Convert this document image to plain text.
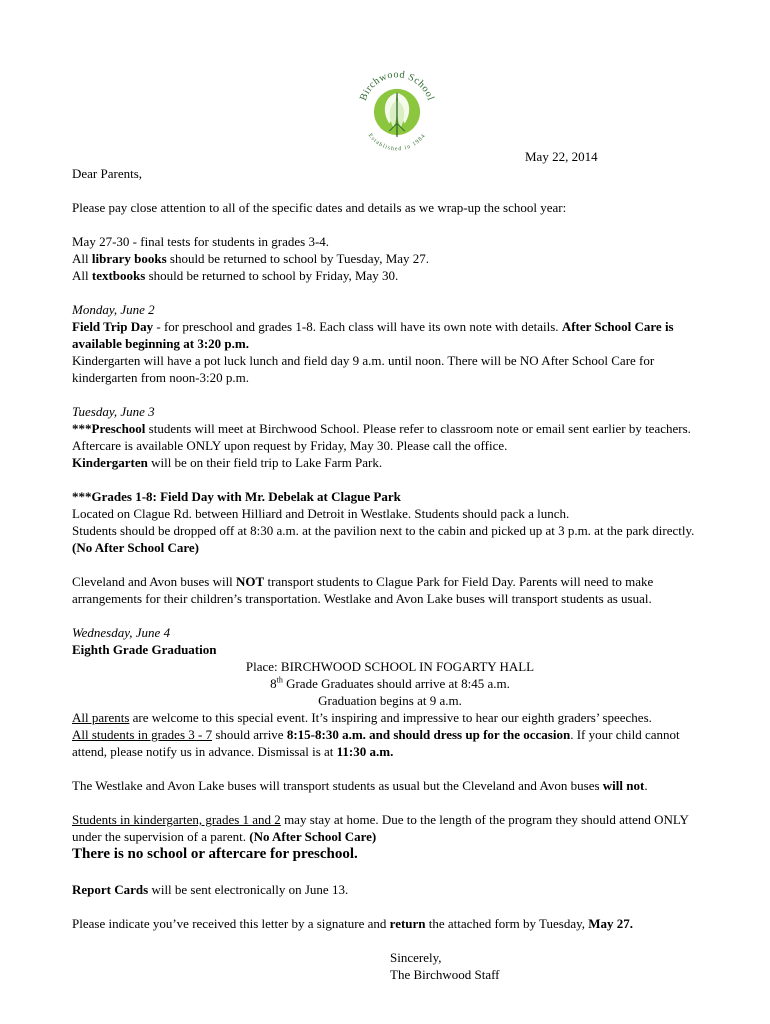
Birchwood School
Established in 1984

May 22, 2014

Dear Parents,

Please pay close attention to all of the specific dates and details as we wrap-up the school year:

May 27-30 - final tests for students in grades 3-4.

All library books should be returned to school by Tuesday, May 27.

All textbooks should be returned to school by Friday, May 30.

Monday, June 2

Field Trip Day - for preschool and grades 1-8. Each class will have its own note with details. After School Care is available beginning at 3:20 p.m.

Kindergarten will have a pot luck lunch and field day 9 a.m. until noon. There will be NO After School Care for kindergarten from noon-3:20 p.m.

Tuesday, June 3

***Preschool students will meet at Birchwood School. Please refer to classroom note or email sent earlier by teachers. Aftercare is available ONLY upon request by Friday, May 30. Please call the office.

Kindergarten will be on their field trip to Lake Farm Park.

***Grades 1-8: Field Day with Mr. Debelak at Clague Park

Located on Clague Rd. between Hilliard and Detroit in Westlake. Students should pack a lunch.

Students should be dropped off at 8:30 a.m. at the pavilion next to the cabin and picked up at 3 p.m. at the park directly. (No After School Care)

Cleveland and Avon buses will NOT transport students to Clague Park for Field Day. Parents will need to make arrangements for their children’s transportation. Westlake and Avon Lake buses will transport students as usual.

Wednesday, June 4

Eighth Grade Graduation

Place: BIRCHWOOD SCHOOL IN FOGARTY HALL

8th Grade Graduates should arrive at 8:45 a.m.

Graduation begins at 9 a.m.

All parents are welcome to this special event. It’s inspiring and impressive to hear our eighth graders’ speeches.

All students in grades 3 - 7 should arrive 8:15-8:30 a.m. and should dress up for the occasion. If your child cannot attend, please notify us in advance. Dismissal is at 11:30 a.m.

The Westlake and Avon Lake buses will transport students as usual but the Cleveland and Avon buses will not.

Students in kindergarten, grades 1 and 2 may stay at home. Due to the length of the program they should attend ONLY under the supervision of a parent. (No After School Care)

There is no school or aftercare for preschool.

Report Cards will be sent electronically on June 13.

Please indicate you’ve received this letter by a signature and return the attached form by Tuesday, May 27.

Sincerely,

The Birchwood Staff
